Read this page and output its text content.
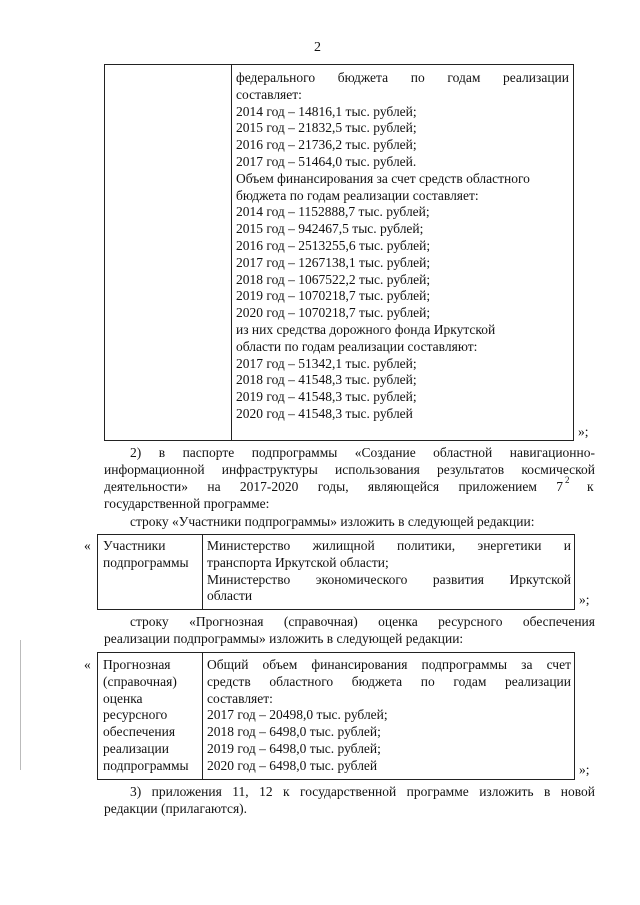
2
федерального бюджета по годам реализации
составляет:
2014 год – 14816,1 тыс. рублей;
2015 год – 21832,5 тыс. рублей;
2016 год – 21736,2 тыс. рублей;
2017 год – 51464,0 тыс. рублей.
Объем финансирования за счет средств областного
бюджета по годам реализации составляет:
2014 год – 1152888,7 тыс. рублей;
2015 год – 942467,5 тыс. рублей;
2016 год – 2513255,6 тыс. рублей;
2017 год – 1267138,1 тыс. рублей;
2018 год – 1067522,2 тыс. рублей;
2019 год – 1070218,7 тыс. рублей;
2020 год – 1070218,7 тыс. рублей;
из них средства дорожного фонда Иркутской
области по годам реализации составляют:
2017 год – 51342,1 тыс. рублей;
2018 год – 41548,3 тыс. рублей;
2019 год – 41548,3 тыс. рублей;
2020 год – 41548,3 тыс. рублей
»;
2) в паспорте подпрограммы «Создание областной навигационно-
информационной инфраструктуры использования результатов космической
деятельности» на 2017-2020 годы, являющейся приложением 7 2 к
государственной программе:
строку «Участники подпрограммы» изложить в следующей редакции:
« Участники
подпрограммы
Министерство жилищной политики, энергетики и
транспорта Иркутской области;
Министерство экономического развития Иркутской
области	»;
строку «Прогнозная (справочная) оценка ресурсного обеспечения
реализации подпрограммы» изложить в следующей редакции:
« Прогнозная
(справочная)
оценка
ресурсного
обеспечения
реализации
подпрограммы
Общий объем финансирования подпрограммы за счет
средств областного бюджета по годам реализации
составляет:
2017 год – 20498,0 тыс. рублей;
2018 год – 6498,0 тыс. рублей;
2019 год – 6498,0 тыс. рублей;
2020 год – 6498,0 тыс. рублей	»;
3) приложения 11, 12 к государственной программе изложить в новой
редакции (прилагаются).
